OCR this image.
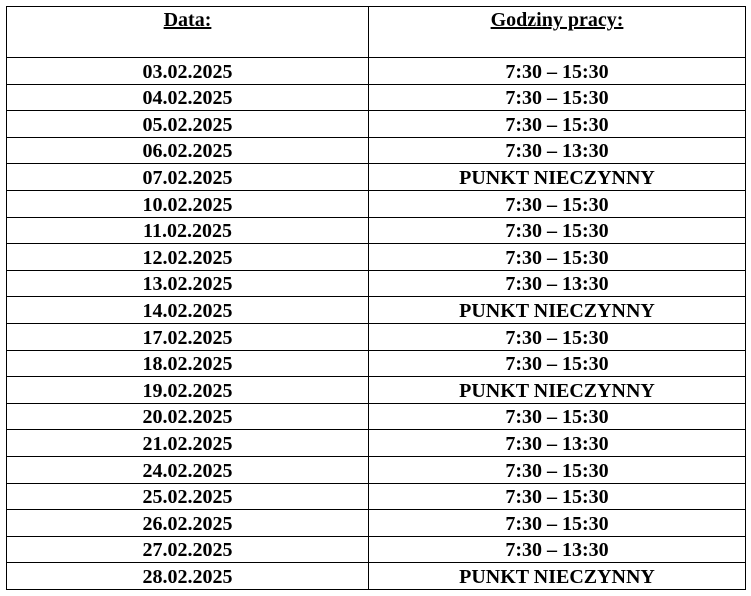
Data:	Godziny pracy:
03.02.2025	7:30 – 15:30
04.02.2025	7:30 – 15:30
05.02.2025	7:30 – 15:30
06.02.2025	7:30 – 13:30
07.02.2025	PUNKT NIECZYNNY
10.02.2025	7:30 – 15:30
11.02.2025	7:30 – 15:30
12.02.2025	7:30 – 15:30
13.02.2025	7:30 – 13:30
14.02.2025	PUNKT NIECZYNNY
17.02.2025	7:30 – 15:30
18.02.2025	7:30 – 15:30
19.02.2025	PUNKT NIECZYNNY
20.02.2025	7:30 – 15:30
21.02.2025	7:30 – 13:30
24.02.2025	7:30 – 15:30
25.02.2025	7:30 – 15:30
26.02.2025	7:30 – 15:30
27.02.2025	7:30 – 13:30
28.02.2025	PUNKT NIECZYNNY
